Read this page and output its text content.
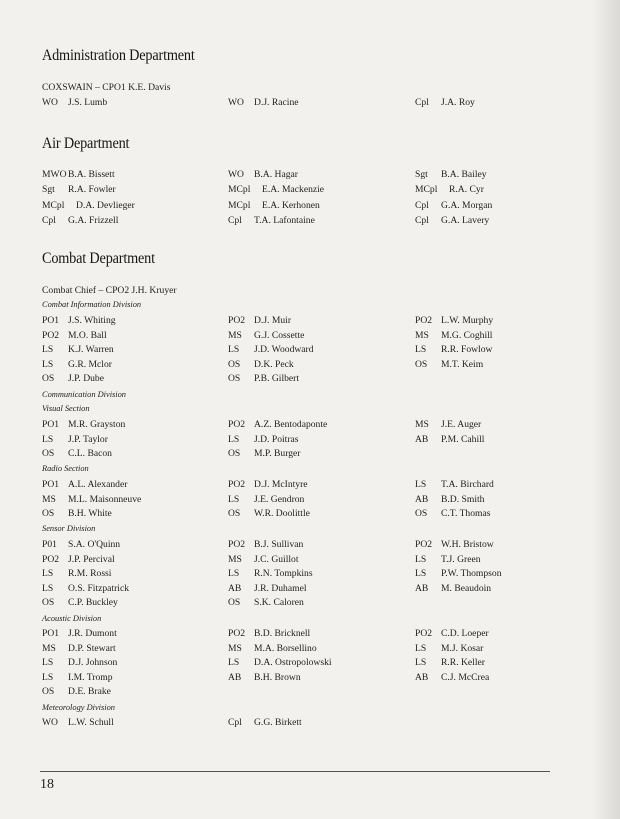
Administration Department
COXSWAIN – CPO1 K.E. Davis
WO J.S. Lumb	WO D.J. Racine	Cpl J.A. Roy
Air Department
MWOB.A. Bissett	WO B.A. Hagar	Sgt B.A. Bailey
Sgt R.A. Fowler	MCpl E.A. Mackenzie	MCpl R.A. Cyr
MCpl D.A. Devlieger	MCpl E.A. Kerhonen	Cpl G.A. Morgan
Cpl G.A. Frizzell	Cpl T.A. Lafontaine	Cpl G.A. Lavery
Combat Department
Combat Chief – CPO2 J.H. Kruyer
Combat Information Division
PO1 J.S. Whiting	PO2 D.J. Muir	PO2 L.W. Murphy
PO2 M.O. Ball	MS G.J. Cossette	MS M.G. Coghill
LS K.J. Warren	LS J.D. Woodward	LS R.R. Fowlow
LS G.R. Mclor	OS D.K. Peck	OS M.T. Keim
OS J.P. Dube	OS P.B. Gilbert
Communication Division
Visual Section
PO1 M.R. Grayston	PO2 A.Z. Bentodaponte	MS J.E. Auger
LS J.P. Taylor	LS J.D. Poitras	AB P.M. Cahill
OS C.L. Bacon	OS M.P. Burger
Radio Section
PO1 A.L. Alexander	PO2 D.J. McIntyre	LS T.A. Birchard
MS M.L. Maisonneuve	LS J.E. Gendron	AB B.D. Smith
OS B.H. White	OS W.R. Doolittle	OS C.T. Thomas
Sensor Division
P01 S.A. O'Quinn	PO2 B.J. Sullivan	PO2 W.H. Bristow
PO2 J.P. Percival	MS J.C. Guillot	LS T.J. Green
LS R.M. Rossi	LS R.N. Tompkins	LS P.W. Thompson
LS O.S. Fitzpatrick	AB J.R. Duhamel	AB M. Beaudoin
OS C.P. Buckley	OS S.K. Caloren
Acoustic Division
PO1 J.R. Dumont	PO2 B.D. Bricknell	PO2 C.D. Loeper
MS D.P. Stewart	MS M.A. Borsellino	LS M.J. Kosar
LS D.J. Johnson	LS D.A. Ostropolowski	LS R.R. Keller
LS I.M. Tromp	AB B.H. Brown	AB C.J. McCrea
OS D.E. Brake
Meteorology Division
WO L.W. Schull	Cpl G.G. Birkett
18
